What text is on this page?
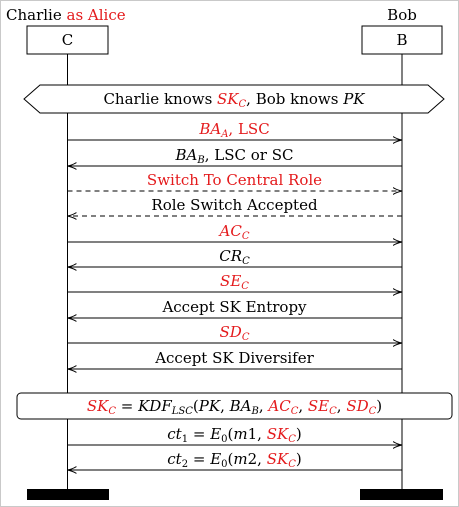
Charlie as Alice	Bob
C	B
Charlie knows $SK_C$, Bob knows PK
$BA_A$, LSC
$BA_B$, LSC or SC
Switch To Central Role
Role Switch Accepted
$AC_C$
$CR_C$
$SE_C$
Accept SK Entropy
$SD_C$
Accept SK Diversifer
$ct_1 = E_0(m1$, $SK_C$)
$ct_2 = E_0(m2$, $SK_C$)
$SK_C = KDF_{LSC}(PK$, $BA_B$, $AC_C$, $SE_C$, $SD_C$)
